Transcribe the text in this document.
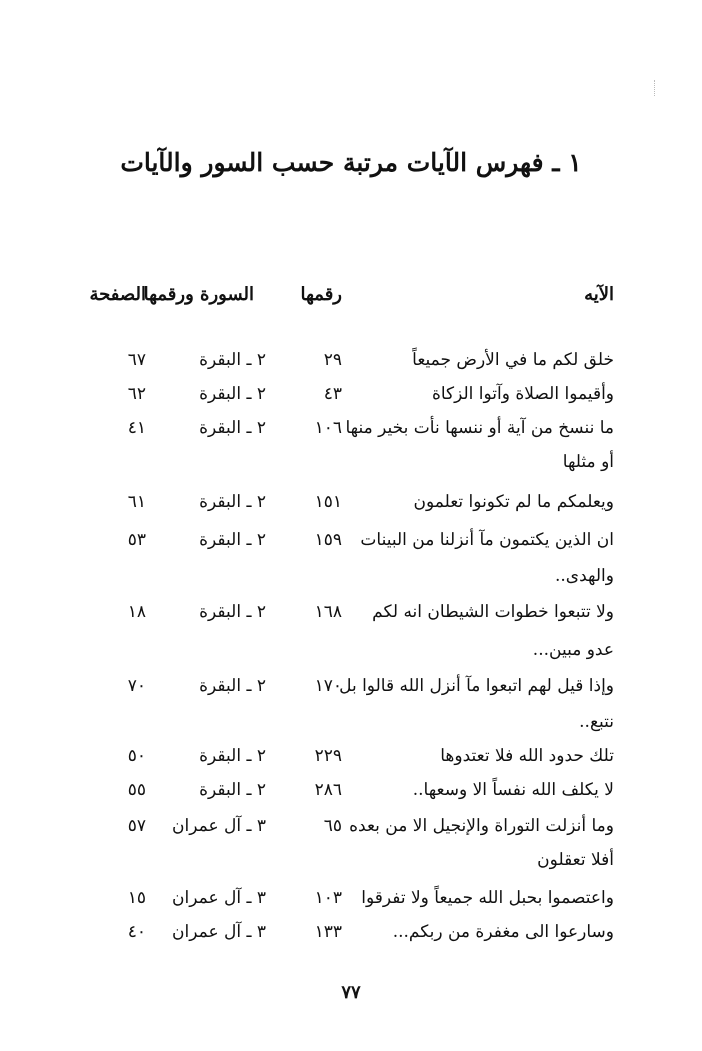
١ ـ فهرس الآيات مرتبة حسب السور والآيات
الآيه
رقمها
السورة ورقمها
الصفحة
خلق لكم ما في الأرض جميعاً
٢٩
٢ ـ البقرة
٦٧
وأقيموا الصلاة وآتوا الزكاة
٤٣
٢ ـ البقرة
٦٢
ما ننسخ من آية أو ننسها نأت بخير منها
١٠٦
٢ ـ البقرة
٤١
أو مثلها
ويعلمكم ما لم تكونوا تعلمون
١٥١
٢ ـ البقرة
٦١
ان الذين يكتمون مآ أنزلنا من البينات
١٥٩
٢ ـ البقرة
٥٣
والهدى..
ولا تتبعوا خطوات الشيطان انه لكم
١٦٨
٢ ـ البقرة
١٨
عدو مبين...
وإذا قيل لهم اتبعوا مآ أنزل الله قالوا بل
١٧٠
٢ ـ البقرة
٧٠
نتبع..
تلك حدود الله فلا تعتدوها
٢٢٩
٢ ـ البقرة
٥٠
لا يكلف الله نفساً الا وسعها..
٢٨٦
٢ ـ البقرة
٥٥
وما أنزلت التوراة والإنجيل الا من بعده
٦٥
٣ ـ آل عمران
٥٧
أفلا تعقلون
واعتصموا بحبل الله جميعاً ولا تفرقوا
١٠٣
٣ ـ آل عمران
١٥
وسارعوا الى مغفرة من ربكم...
١٣٣
٣ ـ آل عمران
٤٠
٧٧
